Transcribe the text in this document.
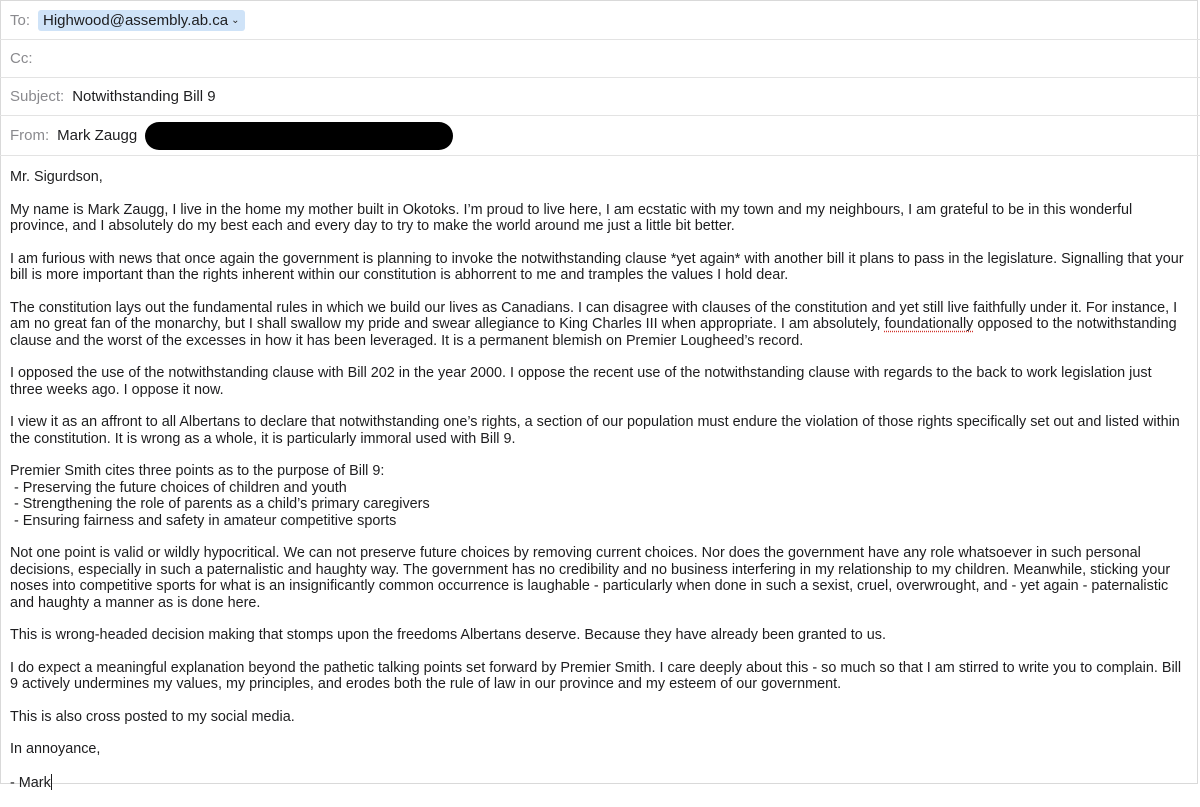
To: Highwood@assembly.ab.ca ⌄
Cc:
Subject: Notwithstanding Bill 9
From: Mark Zaugg

Mr. Sigurdson,

My name is Mark Zaugg, I live in the home my mother built in Okotoks. I’m proud to live here, I am ecstatic with my town and my neighbours, I am grateful to be in this wonderful province, and I absolutely do my best each and every day to try to make the world around me just a little bit better.

I am furious with news that once again the government is planning to invoke the notwithstanding clause *yet again* with another bill it plans to pass in the legislature. Signalling that your bill is more important than the rights inherent within our constitution is abhorrent to me and tramples the values I hold dear.

The constitution lays out the fundamental rules in which we build our lives as Canadians. I can disagree with clauses of the constitution and yet still live faithfully under it. For instance, I am no great fan of the monarchy, but I shall swallow my pride and swear allegiance to King Charles III when appropriate. I am absolutely, foundationally opposed to the notwithstanding clause and the worst of the excesses in how it has been leveraged. It is a permanent blemish on Premier Lougheed’s record.

I opposed the use of the notwithstanding clause with Bill 202 in the year 2000. I oppose the recent use of the notwithstanding clause with regards to the back to work legislation just three weeks ago. I oppose it now.

I view it as an affront to all Albertans to declare that notwithstanding one’s rights, a section of our population must endure the violation of those rights specifically set out and listed within the constitution. It is wrong as a whole, it is particularly immoral used with Bill 9.

Premier Smith cites three points as to the purpose of Bill 9:
- Preserving the future choices of children and youth
- Strengthening the role of parents as a child’s primary caregivers
- Ensuring fairness and safety in amateur competitive sports

Not one point is valid or wildly hypocritical. We can not preserve future choices by removing current choices. Nor does the government have any role whatsoever in such personal decisions, especially in such a paternalistic and haughty way. The government has no credibility and no business interfering in my relationship to my children. Meanwhile, sticking your noses into competitive sports for what is an insignificantly common occurrence is laughable - particularly when done in such a sexist, cruel, overwrought, and - yet again - paternalistic and haughty a manner as is done here.

This is wrong-headed decision making that stomps upon the freedoms Albertans deserve. Because they have already been granted to us.

I do expect a meaningful explanation beyond the pathetic talking points set forward by Premier Smith. I care deeply about this - so much so that I am stirred to write you to complain. Bill 9 actively undermines my values, my principles, and erodes both the rule of law in our province and my esteem of our government.

This is also cross posted to my social media.

In annoyance,

- Mark
